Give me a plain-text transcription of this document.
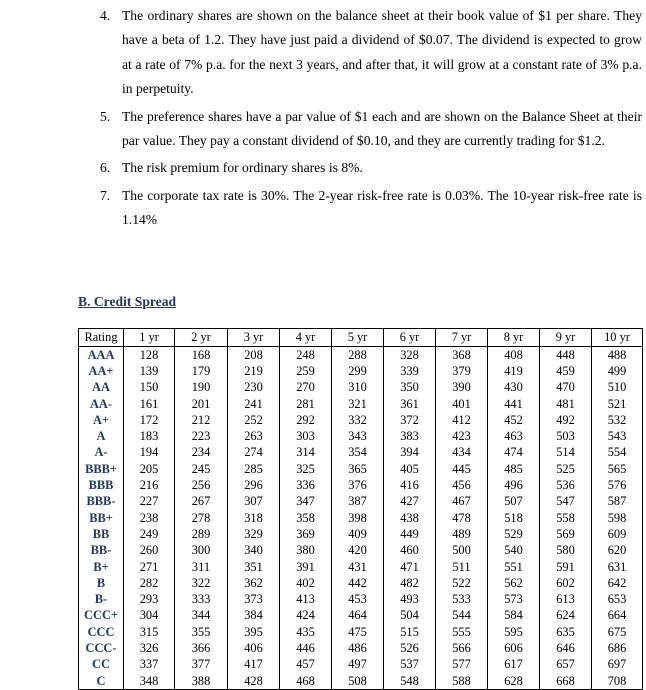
4. The ordinary shares are shown on the balance sheet at their book value of $1 per share. They have a beta of 1.2. They have just paid a dividend of $0.07. The dividend is expected to grow at a rate of 7% p.a. for the next 3 years, and after that, it will grow at a constant rate of 3% p.a. in perpetuity.
5. The preference shares have a par value of $1 each and are shown on the Balance Sheet at their par value. They pay a constant dividend of $0.10, and they are currently trading for $1.2.
6. The risk premium for ordinary shares is 8%.
7. The corporate tax rate is 30%. The 2-year risk-free rate is 0.03%. The 10-year risk-free rate is 1.14%
B. Credit Spread
Rating	1 yr	2 yr	3 yr	4 yr	5 yr	6 yr	7 yr	8 yr	9 yr	10 yr
AAA	128	168	208	248	288	328	368	408	448	488
AA+	139	179	219	259	299	339	379	419	459	499
AA	150	190	230	270	310	350	390	430	470	510
AA-	161	201	241	281	321	361	401	441	481	521
A+	172	212	252	292	332	372	412	452	492	532
A	183	223	263	303	343	383	423	463	503	543
A-	194	234	274	314	354	394	434	474	514	554
BBB+	205	245	285	325	365	405	445	485	525	565
BBB	216	256	296	336	376	416	456	496	536	576
BBB-	227	267	307	347	387	427	467	507	547	587
BB+	238	278	318	358	398	438	478	518	558	598
BB	249	289	329	369	409	449	489	529	569	609
BB-	260	300	340	380	420	460	500	540	580	620
B+	271	311	351	391	431	471	511	551	591	631
B	282	322	362	402	442	482	522	562	602	642
B-	293	333	373	413	453	493	533	573	613	653
CCC+	304	344	384	424	464	504	544	584	624	664
CCC	315	355	395	435	475	515	555	595	635	675
CCC-	326	366	406	446	486	526	566	606	646	686
CC	337	377	417	457	497	537	577	617	657	697
C	348	388	428	468	508	548	588	628	668	708
